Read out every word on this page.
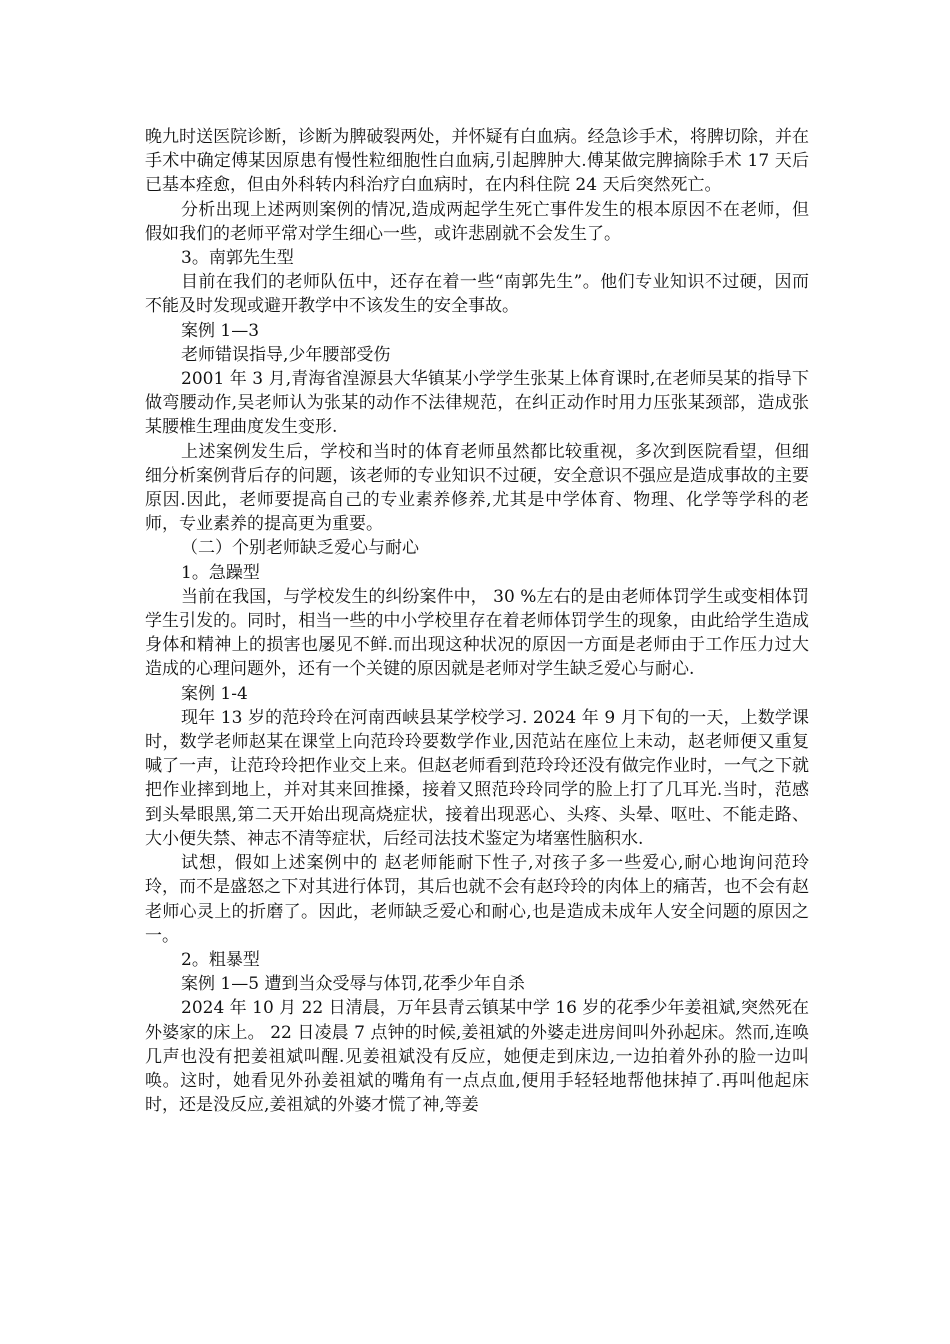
晚九时送医院诊断，诊断为脾破裂两处，并怀疑有白血病。经急诊手术，将脾切除，并在手术中确定傅某因原患有慢性粒细胞性白血病,引起脾肿大.傅某做完脾摘除手术 17 天后已基本痊愈，但由外科转内科治疗白血病时，在内科住院 24 天后突然死亡。

分析出现上述两则案例的情况,造成两起学生死亡事件发生的根本原因不在老师，但假如我们的老师平常对学生细心一些，或许悲剧就不会发生了。

3。南郭先生型

目前在我们的老师队伍中，还存在着一些“南郭先生”。他们专业知识不过硬，因而不能及时发现或避开教学中不该发生的安全事故。

案例 1—3

老师错误指导,少年腰部受伤

2001 年 3 月,青海省湟源县大华镇某小学学生张某上体育课时,在老师吴某的指导下做弯腰动作,吴老师认为张某的动作不法律规范，在纠正动作时用力压张某颈部，造成张某腰椎生理曲度发生变形.

上述案例发生后，学校和当时的体育老师虽然都比较重视，多次到医院看望，但细细分析案例背后存的问题，该老师的专业知识不过硬，安全意识不强应是造成事故的主要原因.因此，老师要提高自己的专业素养修养,尤其是中学体育、物理、化学等学科的老师，专业素养的提高更为重要。

（二）个别老师缺乏爱心与耐心

1。急躁型

当前在我国，与学校发生的纠纷案件中， 30 %左右的是由老师体罚学生或变相体罚学生引发的。同时，相当一些的中小学校里存在着老师体罚学生的现象，由此给学生造成身体和精神上的损害也屡见不鲜.而出现这种状况的原因一方面是老师由于工作压力过大造成的心理问题外，还有一个关键的原因就是老师对学生缺乏爱心与耐心.

案例 1-4

现年 13 岁的范玲玲在河南西峡县某学校学习. 2024 年 9 月下旬的一天，上数学课时，数学老师赵某在课堂上向范玲玲要数学作业,因范站在座位上未动，赵老师便又重复喊了一声，让范玲玲把作业交上来。但赵老师看到范玲玲还没有做完作业时，一气之下就把作业摔到地上，并对其来回推搡，接着又照范玲玲同学的脸上打了几耳光.当时，范感到头晕眼黑,第二天开始出现高烧症状，接着出现恶心、头疼、头晕、呕吐、不能走路、大小便失禁、神志不清等症状，后经司法技术鉴定为堵塞性脑积水.

试想，假如上述案例中的 赵老师能耐下性子,对孩子多一些爱心,耐心地询问范玲玲，而不是盛怒之下对其进行体罚，其后也就不会有赵玲玲的肉体上的痛苦，也不会有赵老师心灵上的折磨了。因此，老师缺乏爱心和耐心,也是造成未成年人安全问题的原因之一。

2。粗暴型

案例 1—5 遭到当众受辱与体罚,花季少年自杀

2024 年 10 月 22 日清晨，万年县青云镇某中学 16 岁的花季少年姜祖斌,突然死在外婆家的床上。 22 日凌晨 7 点钟的时候,姜祖斌的外婆走进房间叫外孙起床。然而,连唤几声也没有把姜祖斌叫醒.见姜祖斌没有反应，她便走到床边,一边拍着外孙的脸一边叫唤。这时，她看见外孙姜祖斌的嘴角有一点点血,便用手轻轻地帮他抹掉了.再叫他起床时，还是没反应,姜祖斌的外婆才慌了神,等姜
